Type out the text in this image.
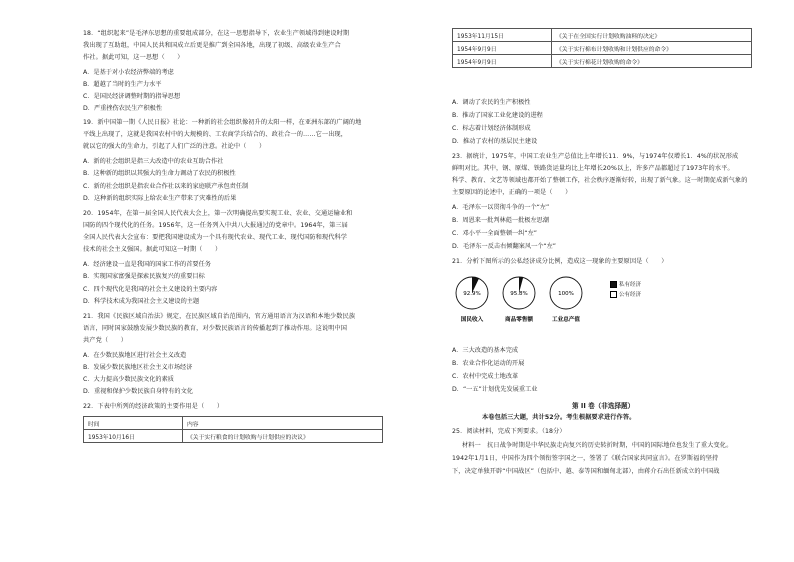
18．“组织起来”是毛泽东思想的重要组成部分，在这一思想指导下，农业生产领域得到建设时期
我出现了互助组，中国人民共和国成立后更是推广到全国各地，出现了初级、高级农业生产合
作社。据此可知，这一思想（　　）
A．是基于对小农经济弊端的考虑
B．超越了当时的生产力水平
C．是国民经济调整时期的指导思想
D．严重挫伤农民生产积极性
19．新中国第一期《人民日报》社论：一种新的社会组织像初升的太阳一样，在亚洲东部的广阔的地
平线上出现了，这就是我国农村中的大规模的、工农商学兵结合的、政社合一的……它一出现，
就以它的强大的生命力，引起了人们广泛的注意。社论中（　　）
A．新的社会组织是指三大改造中的农业互助合作社
B．这种新的组织以其强大的生命力调动了农民的积极性
C．新的社会组织是指农业合作社以来的家庭联产承包责任制
D．这种新的组织实际上给农业生产带来了灾难性的后果
20．1954年，在第一届全国人民代表大会上，第一次明确提出要实现工业、农业、交通运输业和
国防的四个现代化的任务。1956年，这一任务列入中共八大报通过的党章中。1964年，第三届
全国人民代表大会宣布：要把我国建设成为一个具有现代农业、现代工业、现代国防和现代科学
技术的社会主义强国。据此可知这一时期（　　）
A．经济建设一直是我国的国家工作的首要任务
B．实现国家富强是探索民族复兴的重要目标
C．四个现代化是我国的社会主义建设的主要内容
D．科学技术成为我国社会主义建设的主题
21．我国《民族区域自治法》规定，在民族区域自治范围内，官方通用语言为汉语和本地少数民族
语言，同时国家鼓励发展少数民族的教育，对少数民族语言的传播起到了推动作用。这说明中国
共产党（　　）
A．在少数民族地区进行社会主义改造
B．发展少数民族地区社会主义市场经济
C．大力提高少数民族文化的素质
D．重视和保护少数民族自身特有的文化
22．下表中所列的经济政策的主要作用是（　　）
时间	内容
1953年10月16日	《关于实行粮食的计划收购与计划供应的决议》
1953年11月15日	《关于在全国实行计划收购油料的决定》
1954年9月9日	《关于实行棉布计划收购和计划供应的命令》
1954年9月9日	《关于实行棉花计划收购的命令》
A．调动了农民的生产积极性
B．推动了国家工业化建设的进程
C．标志着计划经济体制形成
D．推动了农村的基层民主建设
23．据统计，1975年，中国工农业生产总值比上年增长11．9%，与1974年仅增长1．4%的状况形成
鲜明对比。其中，钢、原煤、铁路货运量均比上年增长20%以上，许多产品都超过了1973年的水平。
科学、教育、文艺等领域也都开始了整顿工作，社会秩序逐渐好转，出现了新气象。这一时期促成新气象的
主要原因的论述中，正确的一项是（　　）
A．毛泽东一以贯彻斗争的一个“左”
B．周恩来一批判林彪一批极左思潮
C．邓小平一全面整顿一纠“左”
D．毛泽东一反击右倾翻案风一个“左”
21．分析下图所示的公私经济成分比例，造成这一现象的主要原因是（　　）
92.9%
国民收入
95.8%
商品零售额
100%
工业总产值
私有经济
公有经济
A．三大改造的基本完成
B．农业合作化运动的开展
C．农村中完成土地改革
D．“一五”计划优先发展重工业
第 II 卷（非选择题）
本卷包括三大题，共计52分。考生根据要求进行作答。
25．阅读材料，完成下列要求。（18分）
材料一　抗日战争时期是中华民族走向复兴的历史转折时期，中国的国际地位也发生了重大变化。
1942年1月1日，中国作为四个领衔签字国之一，签署了《联合国家共同宣言》。在罗斯福的坚持
下，决定单独开辟“中国战区”（包括中、越、泰等国和缅甸北部），由蒋介石出任新成立的中国战
